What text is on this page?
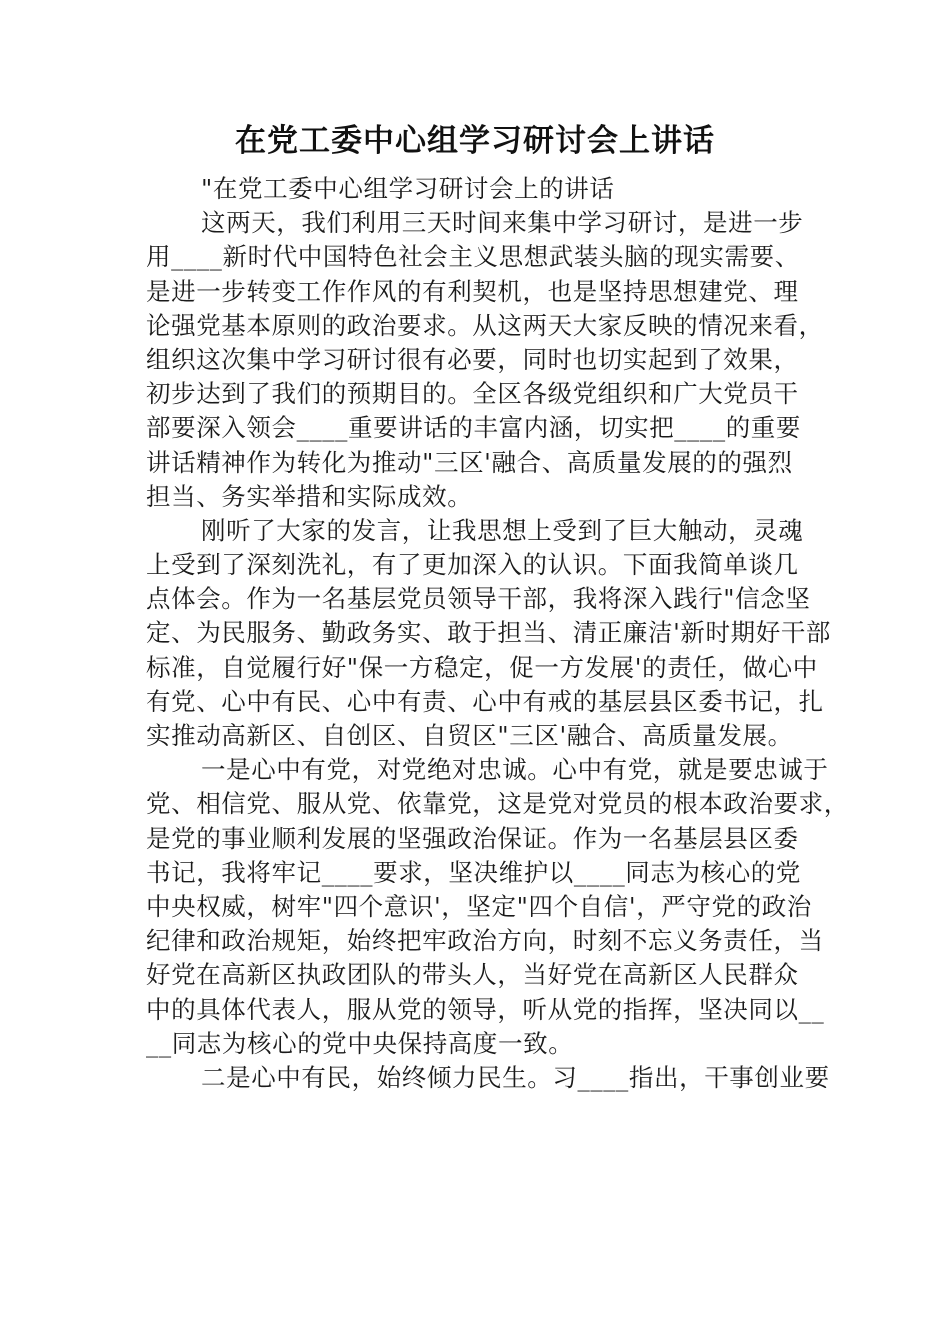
在党工委中心组学习研讨会上讲话
"在党工委中心组学习研讨会上的讲话
这两天，我们利用三天时间来集中学习研讨，是进一步
用____新时代中国特色社会主义思想武装头脑的现实需要、
是进一步转变工作作风的有利契机，也是坚持思想建党、理
论强党基本原则的政治要求。从这两天大家反映的情况来看，
组织这次集中学习研讨很有必要，同时也切实起到了效果，
初步达到了我们的预期目的。全区各级党组织和广大党员干
部要深入领会____重要讲话的丰富内涵，切实把____的重要
讲话精神作为转化为推动"三区'融合、高质量发展的的强烈
担当、务实举措和实际成效。
刚听了大家的发言，让我思想上受到了巨大触动，灵魂
上受到了深刻洗礼，有了更加深入的认识。下面我简单谈几
点体会。作为一名基层党员领导干部，我将深入践行"信念坚
定、为民服务、勤政务实、敢于担当、清正廉洁'新时期好干部
标准，自觉履行好"保一方稳定，促一方发展'的责任，做心中
有党、心中有民、心中有责、心中有戒的基层县区委书记，扎
实推动高新区、自创区、自贸区"三区'融合、高质量发展。
一是心中有党，对党绝对忠诚。心中有党，就是要忠诚于
党、相信党、服从党、依靠党，这是党对党员的根本政治要求，
是党的事业顺利发展的坚强政治保证。作为一名基层县区委
书记，我将牢记____要求，坚决维护以____同志为核心的党
中央权威，树牢"四个意识'，坚定"四个自信'，严守党的政治
纪律和政治规矩，始终把牢政治方向，时刻不忘义务责任，当
好党在高新区执政团队的带头人，当好党在高新区人民群众
中的具体代表人，服从党的领导，听从党的指挥，坚决同以__
__同志为核心的党中央保持高度一致。
二是心中有民，始终倾力民生。习____指出，干事创业要
